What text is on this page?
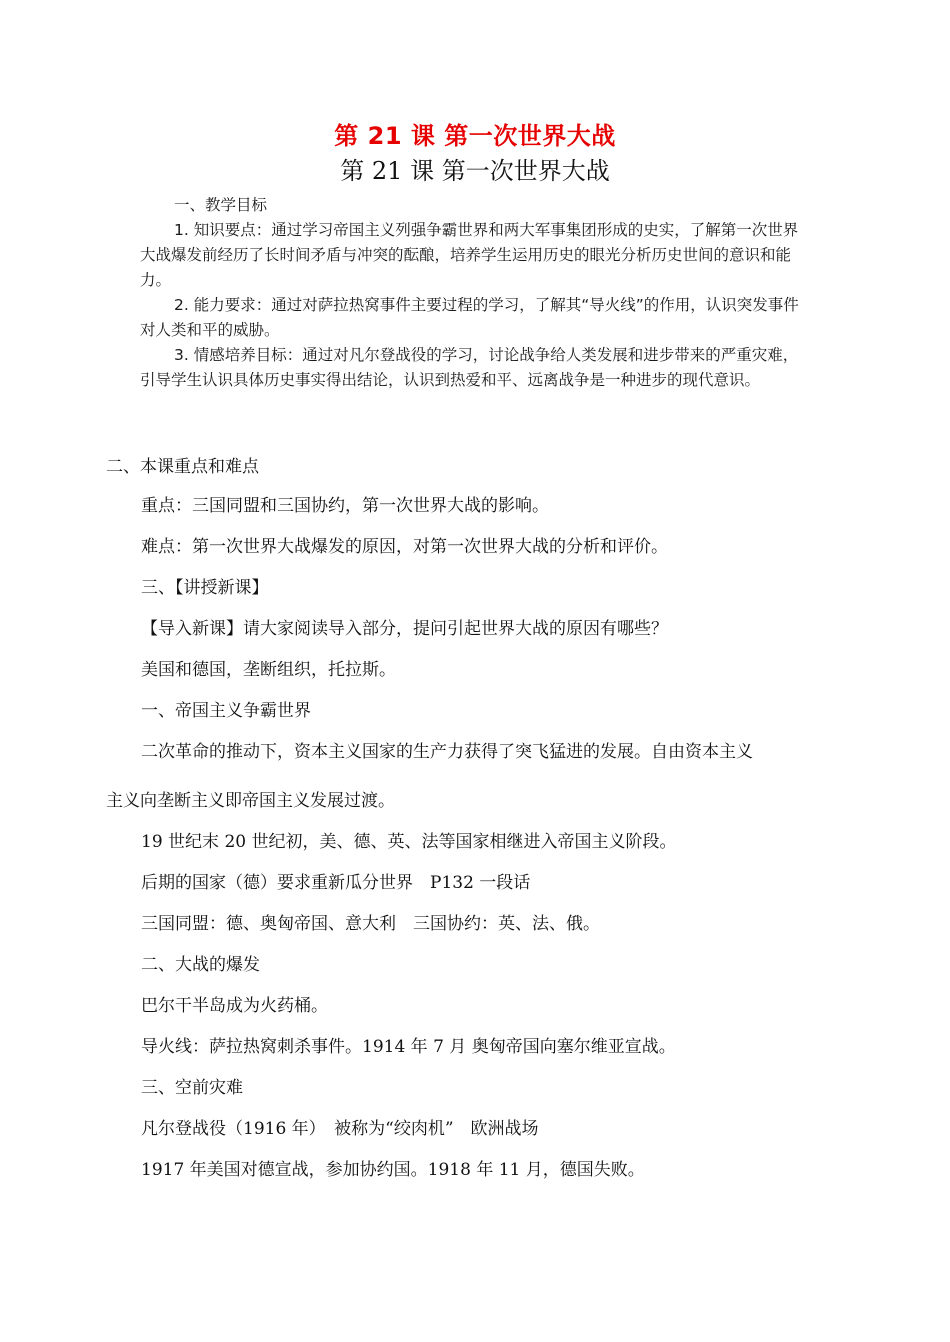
第 21 课 第一次世界大战
第 21 课 第一次世界大战
一、教学目标

1. 知识要点：通过学习帝国主义列强争霸世界和两大军事集团形成的史实，了解第一次世界大战爆发前经历了长时间矛盾与冲突的酝酿，培养学生运用历史的眼光分析历史世间的意识和能力。

2. 能力要求：通过对萨拉热窝事件主要过程的学习，了解其“导火线”的作用，认识突发事件对人类和平的威胁。

3. 情感培养目标：通过对凡尔登战役的学习，讨论战争给人类发展和进步带来的严重灾难，引导学生认识具体历史事实得出结论，认识到热爱和平、远离战争是一种进步的现代意识。

二、本课重点和难点
重点：三国同盟和三国协约，第一次世界大战的影响。
难点：第一次世界大战爆发的原因，对第一次世界大战的分析和评价。
三、【讲授新课】
【导入新课】请大家阅读导入部分，提问引起世界大战的原因有哪些？
美国和德国，垄断组织，托拉斯。
一、帝国主义争霸世界
二次革命的推动下，资本主义国家的生产力获得了突飞猛进的发展。自由资本主义
主义向垄断主义即帝国主义发展过渡。
19 世纪末 20 世纪初，美、德、英、法等国家相继进入帝国主义阶段。
后期的国家（德）要求重新瓜分世界　P132 一段话
三国同盟：德、奥匈帝国、意大利　三国协约：英、法、俄。
二、大战的爆发
巴尔干半岛成为火药桶。
导火线：萨拉热窝刺杀事件。1914 年 7 月 奥匈帝国向塞尔维亚宣战。
三、空前灾难
凡尔登战役（1916 年）　被称为“绞肉机”　欧洲战场
1917 年美国对德宣战，参加协约国。1918 年 11 月，德国失败。
